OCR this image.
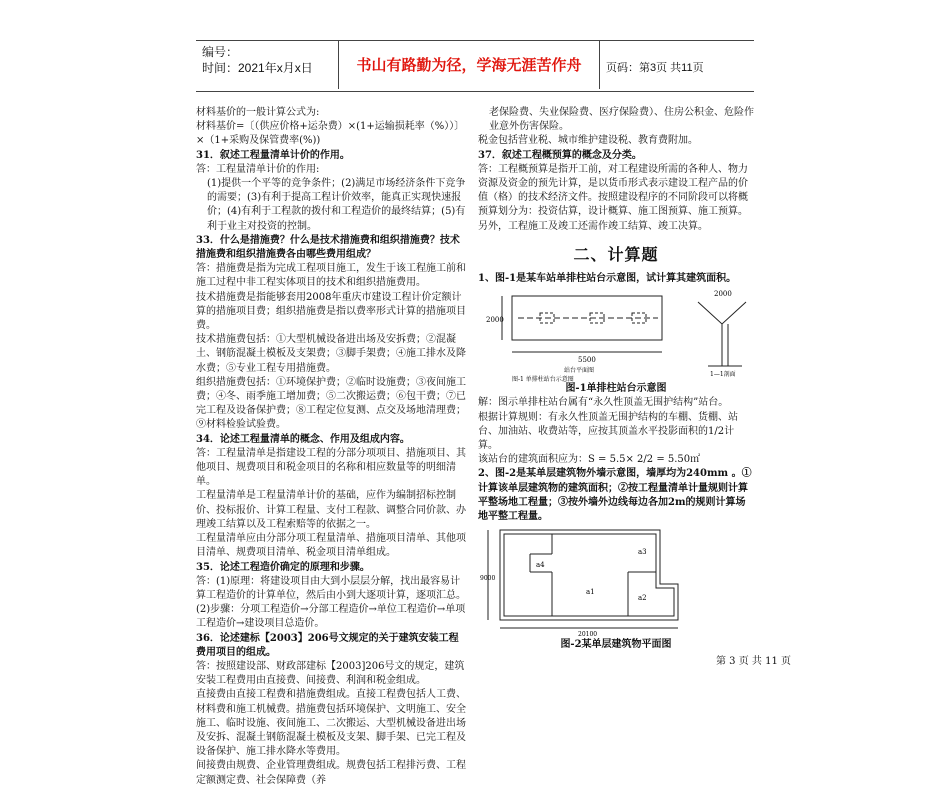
编号：
时间：2021年x月x日	书山有路勤为径，学海无涯苦作舟	页码：第3页 共11页

材料基价的一般计算公式为:

材料基价=〔（供应价格+运杂费）×(1+运输损耗率（%））〕×（1+采购及保管费率(%))

31．叙述工程量清单计价的作用。

答：工程量清单计价的作用:

(1)提供一个平等的竞争条件；(2)满足市场经济条件下竞争的需要；(3)有利于提高工程计价效率，能真正实现快速报价；(4)有利于工程款的拨付和工程造价的最终结算；(5)有利于业主对投资的控制。

33．什么是措施费？什么是技术措施费和组织措施费？技术措施费和组织措施费各由哪些费用组成？

答：措施费是指为完成工程项目施工，发生于该工程施工前和施工过程中非工程实体项目的技术和组织措施费用。

技术措施费是指能够套用2008年重庆市建设工程计价定额计算的措施项目费；组织措施费是指以费率形式计算的措施项目费。

技术措施费包括：①大型机械设备进出场及安拆费；②混凝土、钢筋混凝土模板及支架费；③脚手架费；④施工排水及降水费；⑤专业工程专用措施费。

组织措施费包括：①环境保护费；②临时设施费；③夜间施工费；④冬、雨季施工增加费；⑤二次搬运费；⑥包干费；⑦已完工程及设备保护费；⑧工程定位复测、点交及场地清理费；⑨材料检验试验费。

34．论述工程量清单的概念、作用及组成内容。

答：工程量清单是指建设工程的分部分项项目、措施项目、其他项目、规费项目和税金项目的名称和相应数量等的明细清单。

工程量清单是工程量清单计价的基础，应作为编制招标控制价、投标报价、计算工程量、支付工程款、调整合同价款、办理竣工结算以及工程索赔等的依据之一。

工程量清单应由分部分项工程量清单、措施项目清单、其他项目清单、规费项目清单、税金项目清单组成。

35．论述工程造价确定的原理和步骤。

答：(1)原理：将建设项目由大到小层层分解，找出最容易计算工程造价的计算单位，然后由小到大逐项计算，逐项汇总。(2)步骤：分项工程造价→分部工程造价→单位工程造价→单项工程造价→建设项目总造价。

36．论述建标【2003】206号文规定的关于建筑安装工程费用项目的组成。

答：按照建设部、财政部建标【2003]206号文的规定，建筑安装工程费用由直接费、间接费、利润和税金组成。

直接费由直接工程费和措施费组成。直接工程费包括人工费、材料费和施工机械费。措施费包括环境保护、文明施工、安全施工、临时设施、夜间施工、二次搬运、大型机械设备进出场及安拆、混凝土钢筋混凝土模板及支架、脚手架、已完工程及设备保护、施工排水降水等费用。

间接费由规费、企业管理费组成。规费包括工程排污费、工程定额测定费、社会保障费（养

老保险费、失业保险费、医疗保险费）、住房公积金、危险作业意外伤害保险。

税金包括营业税、城市维护建设税、教育费附加。

37．叙述工程概预算的概念及分类。

答：工程概预算是指开工前，对工程建设所需的各种人、物力资源及资金的预先计算，是以货币形式表示建设工程产品的价值（格）的技术经济文件。按照建设程序的不同阶段可以将概预算划分为：投资估算，设计概算、施工图预算、施工预算。另外，工程施工及竣工还需作竣工结算、竣工决算。

二、计算题

1、图-1是某车站单排柱站台示意图，试计算其建筑面积。

2000
5500
2000
站台平面图
1—1剖面
图-1 单排柱站台示意图

图-1单排柱站台示意图

解：图示单排柱站台属有“永久性顶盖无围护结构”站台。

根据计算规则：有永久性顶盖无围护结构的车棚、货棚、站台、加油站、收费站等，应按其顶盖水平投影面积的1/2计算。

该站台的建筑面积应为：S = 5.5× 2/2 = 5.50㎡

2、图-2是某单层建筑物外墙示意图，墙厚均为240mm 。①计算该单层建筑物的建筑面积；②按工程量清单计量规则计算平整场地工程量；③按外墙外边线每边各加2m的规则计算场地平整工程量。

a4
a1
a2
a3
9000
20100

图-2某单层建筑物平面图

第 3 页 共 11 页
